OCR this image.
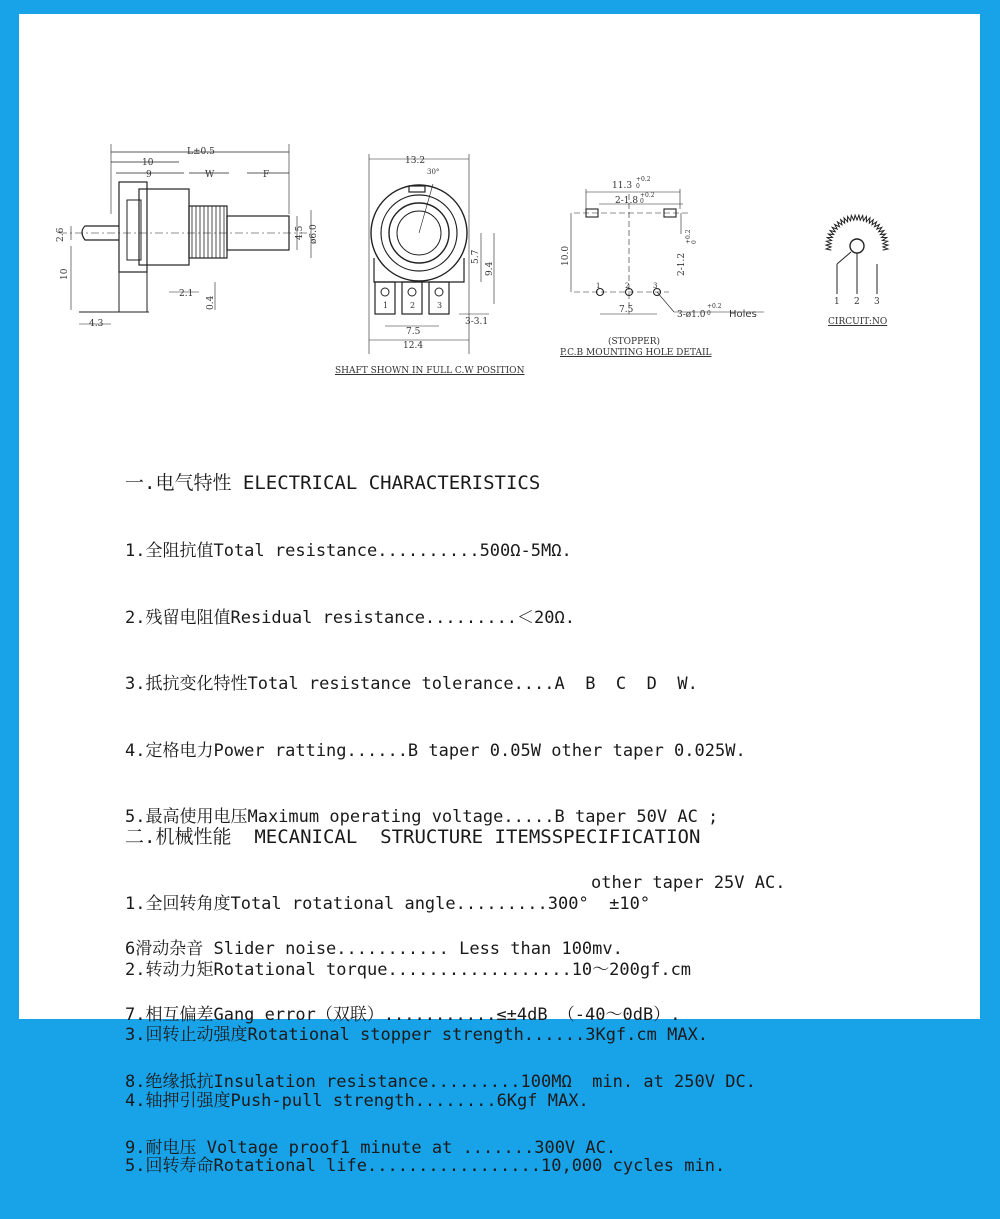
L±0.5
10
9	W	F
4.5 ø6.0
2.6
10
2.1
0.4
4.3
13.2
30°
5.7
9.4
7.5
3-3.1
12.4
1	2	3
11.3
+0.2
0
2-1.8
+0.2
0
10.0	2-1.2
+0.2 0
7.5	3-ø1.0
+0.2
0 Holes
(STOPPER)
1	2	3
1 2 3
SHAFT SHOWN IN FULL C.W POSITION
P.C.B MOUNTING HOLE DETAIL
CIRCUIT:NO

一.电气特性 ELECTRICAL CHARACTERISTICS

1.全阻抗值Total resistance..........500Ω-5MΩ.

2.残留电阻值Residual resistance.........＜20Ω.

3.抵抗变化特性Total resistance tolerance....A  B  C  D  W.

4.定格电力Power ratting......B taper 0.05W other taper 0.025W.

5.最高使用电压Maximum operating voltage.....B taper 50V AC ;

other taper 25V AC.

6滑动杂音 Slider noise........... Less than 100mv.

7.相互偏差Gang error（双联）...........≤±4dB （-40～0dB）.

8.绝缘抵抗Insulation resistance.........100MΩ  min. at 250V DC.

9.耐电压 Voltage proof1 minute at .......300V AC.

二.机械性能  MECANICAL  STRUCTURE ITEMSSPECIFICATION

1.全回转角度Total rotational angle.........300°  ±10°

2.转动力矩Rotational torque..................10～200gf.cm

3.回转止动强度Rotational stopper strength......3Kgf.cm MAX.

4.轴押引强度Push-pull strength........6Kgf MAX.

5.回转寿命Rotational life.................10,000 cycles min.
